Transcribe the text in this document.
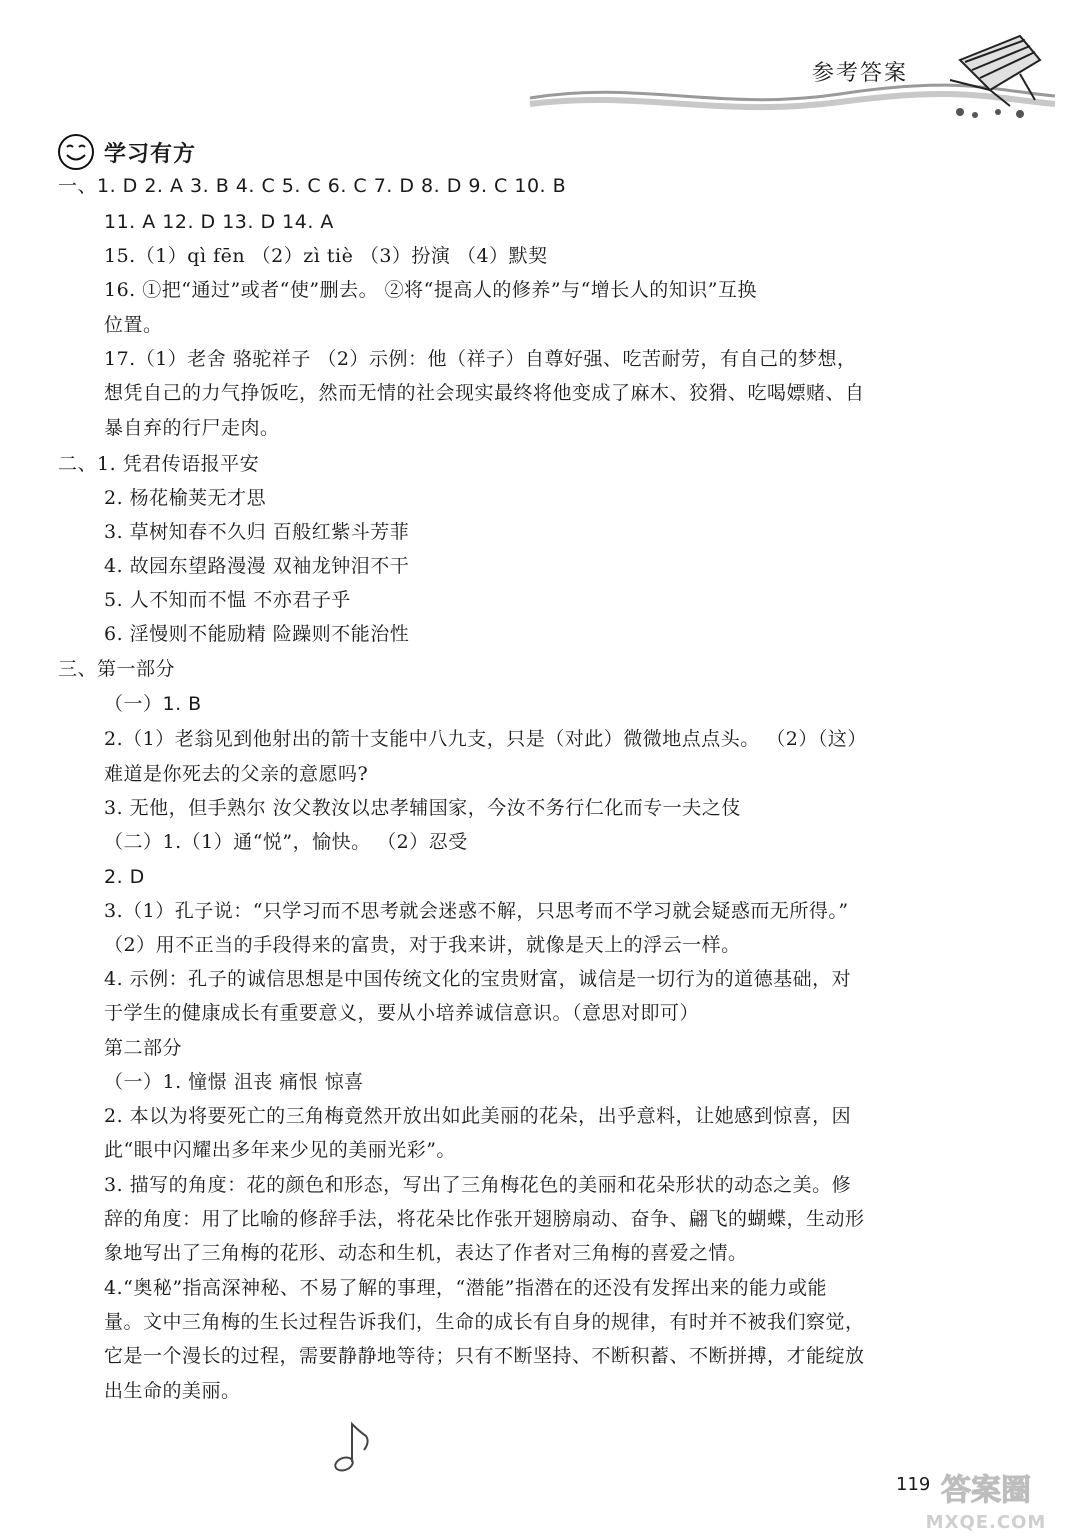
参考答案
学习有方
一、1. D 2. A 3. B 4. C 5. C 6. C 7. D 8. D 9. C 10. B
11. A 12. D 13. D 14. A
15.（1）qì fēn （2）zì tiè （3）扮演 （4）默契
16. ①把“通过”或者“使”删去。 ②将“提高人的修养”与“增长人的知识”互换
位置。
17.（1）老舍 骆驼祥子 （2）示例：他（祥子）自尊好强、吃苦耐劳，有自己的梦想，
想凭自己的力气挣饭吃，然而无情的社会现实最终将他变成了麻木、狡猾、吃喝嫖赌、自
暴自弃的行尸走肉。
二、1. 凭君传语报平安
2. 杨花榆荚无才思
3. 草树知春不久归 百般红紫斗芳菲
4. 故园东望路漫漫 双袖龙钟泪不干
5. 人不知而不愠 不亦君子乎
6. 淫慢则不能励精 险躁则不能治性
三、第一部分
（一）1. B
2.（1）老翁见到他射出的箭十支能中八九支，只是（对此）微微地点点头。 （2）（这）
难道是你死去的父亲的意愿吗?
3. 无他，但手熟尔 汝父教汝以忠孝辅国家，今汝不务行仁化而专一夫之伎
（二）1.（1）通“悦”，愉快。 （2）忍受
2. D
3.（1）孔子说：“只学习而不思考就会迷惑不解，只思考而不学习就会疑惑而无所得。”
（2）用不正当的手段得来的富贵，对于我来讲，就像是天上的浮云一样。
4. 示例：孔子的诚信思想是中国传统文化的宝贵财富，诚信是一切行为的道德基础，对
于学生的健康成长有重要意义，要从小培养诚信意识。（意思对即可）
第二部分
（一）1. 憧憬 沮丧 痛恨 惊喜
2. 本以为将要死亡的三角梅竟然开放出如此美丽的花朵，出乎意料，让她感到惊喜，因
此“眼中闪耀出多年来少见的美丽光彩”。
3. 描写的角度：花的颜色和形态，写出了三角梅花色的美丽和花朵形状的动态之美。修
辞的角度：用了比喻的修辞手法，将花朵比作张开翅膀扇动、奋争、翩飞的蝴蝶，生动形
象地写出了三角梅的花形、动态和生机，表达了作者对三角梅的喜爱之情。
4.“奥秘”指高深神秘、不易了解的事理，“潜能”指潜在的还没有发挥出来的能力或能
量。文中三角梅的生长过程告诉我们，生命的成长有自身的规律，有时并不被我们察觉，
它是一个漫长的过程，需要静静地等待；只有不断坚持、不断积蓄、不断拼搏，才能绽放
出生命的美丽。
119 答案圈
MXQE.COM
